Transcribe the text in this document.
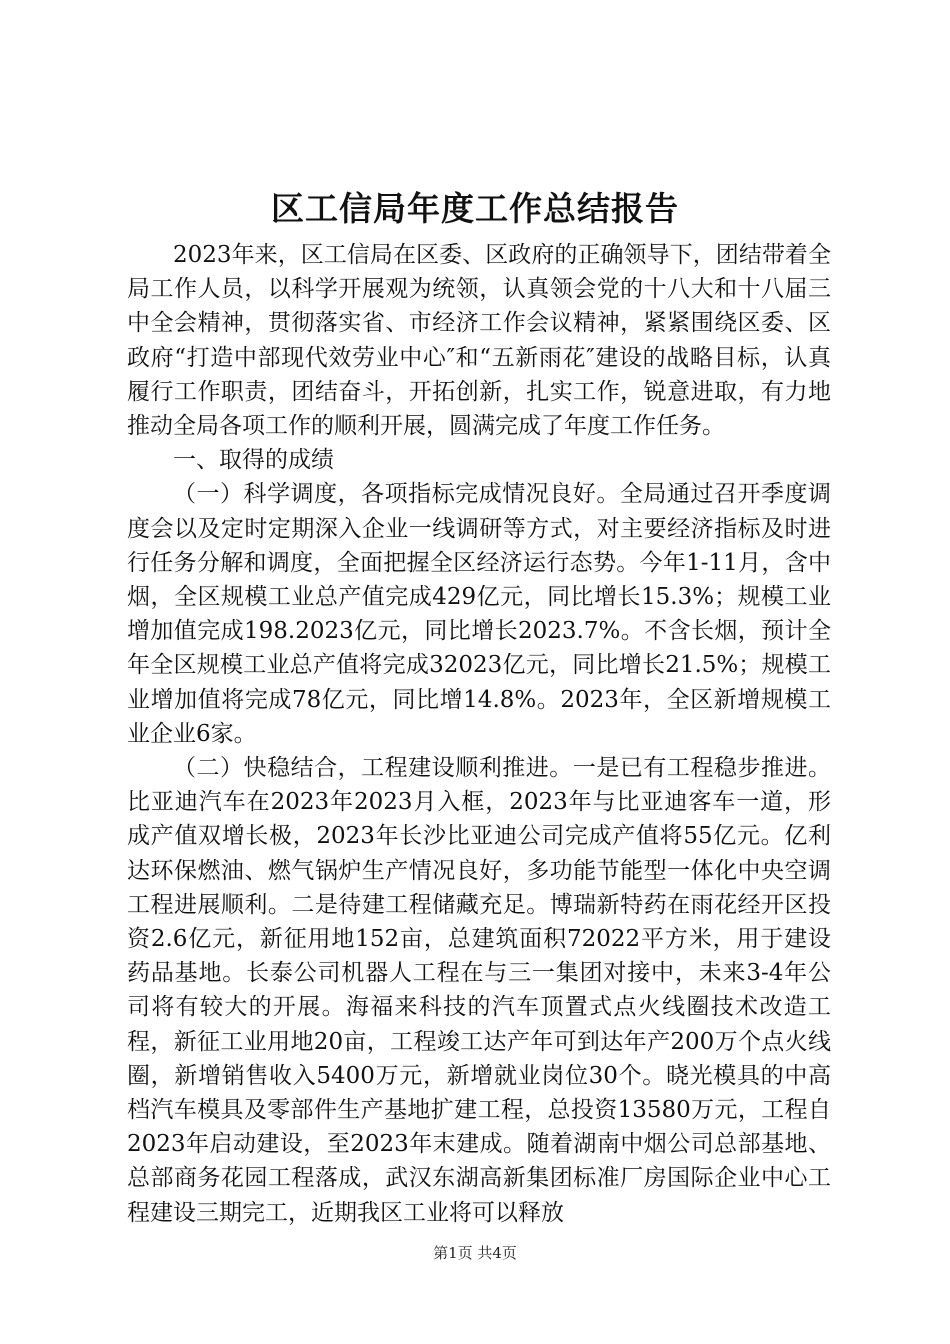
区工信局年度工作总结报告

2023年来，区工信局在区委、区政府的正确领导下，团结带着全局工作人员，以科学开展观为统领，认真领会党的十八大和十八届三中全会精神，贯彻落实省、市经济工作会议精神，紧紧围绕区委、区政府“打造中部现代效劳业中心″和“五新雨花″建设的战略目标，认真履行工作职责，团结奋斗，开拓创新，扎实工作，锐意进取，有力地推动全局各项工作的顺利开展，圆满完成了年度工作任务。

一、取得的成绩

（一）科学调度，各项指标完成情况良好。全局通过召开季度调度会以及定时定期深入企业一线调研等方式，对主要经济指标及时进行任务分解和调度，全面把握全区经济运行态势。今年1-11月，含中烟，全区规模工业总产值完成429亿元，同比增长15.3%；规模工业增加值完成198.2023亿元，同比增长2023.7%。不含长烟，预计全年全区规模工业总产值将完成32023亿元，同比增长21.5%；规模工业增加值将完成78亿元，同比增14.8%。2023年，全区新增规模工业企业6家。

（二）快稳结合，工程建设顺利推进。一是已有工程稳步推进。比亚迪汽车在2023年2023月入框，2023年与比亚迪客车一道，形成产值双增长极，2023年长沙比亚迪公司完成产值将55亿元。亿利达环保燃油、燃气锅炉生产情况良好，多功能节能型一体化中央空调工程进展顺利。二是待建工程储藏充足。博瑞新特药在雨花经开区投资2.6亿元，新征用地152亩，总建筑面积72022平方米，用于建设药品基地。长泰公司机器人工程在与三一集团对接中，未来3-4年公司将有较大的开展。海福来科技的汽车顶置式点火线圈技术改造工程，新征工业用地20亩，工程竣工达产年可到达年产200万个点火线圈，新增销售收入5400万元，新增就业岗位30个。晓光模具的中高档汽车模具及零部件生产基地扩建工程，总投资13580万元，工程自2023年启动建设，至2023年末建成。随着湖南中烟公司总部基地、总部商务花园工程落成，武汉东湖高新集团标准厂房国际企业中心工程建设三期完工，近期我区工业将可以释放

第1页 共4页
